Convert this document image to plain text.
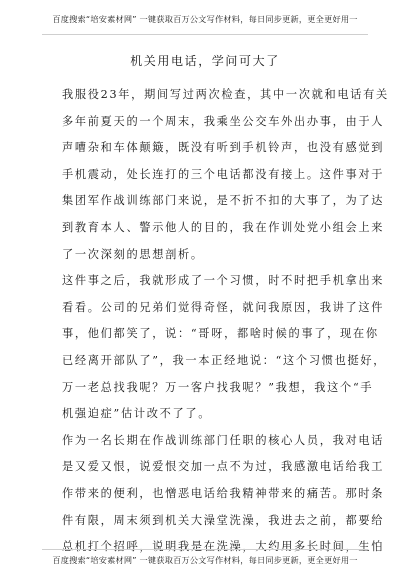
百度搜索“培安素材网” 一键获取百万公文写作材料，每日同步更新，更全更好用一
机关用电话，学问可大了
我服役23年，期间写过两次检查，其中一次就和电话有关
多年前夏天的一个周末，我乘坐公交车外出办事，由于人
声嘈杂和车体颠簸，既没有听到手机铃声，也没有感觉到
手机震动，处长连打的三个电话都没有接上。这件事对于
集团军作战训练部门来说，是不折不扣的大事了，为了达
到教育本人、警示他人的目的，我在作训处党小组会上来
了一次深刻的思想剖析。
这件事之后，我就形成了一个习惯，时不时把手机拿出来
看看。公司的兄弟们觉得奇怪，就问我原因，我讲了这件
事，他们都笑了，说：“哥呀，都啥时候的事了，现在你
已经离开部队了”，我一本正经地说：“这个习惯也挺好，
万一老总找我呢？万一客户找我呢？”我想，我这个“手
机强迫症”估计改不了了。
作为一名长期在作战训练部门任职的核心人员，我对电话
是又爱又恨，说爱恨交加一点不为过，我感激电话给我工
作带来的便利，也憎恶电话给我精神带来的痛苦。那时条
件有限，周末须到机关大澡堂洗澡，我进去之前，都要给
总机打个招呼，说明我是在洗澡，大约用多长时间，生怕
百度搜索“培安素材网” 一键获取百万公文写作材料，每日同步更新，更全更好用一
